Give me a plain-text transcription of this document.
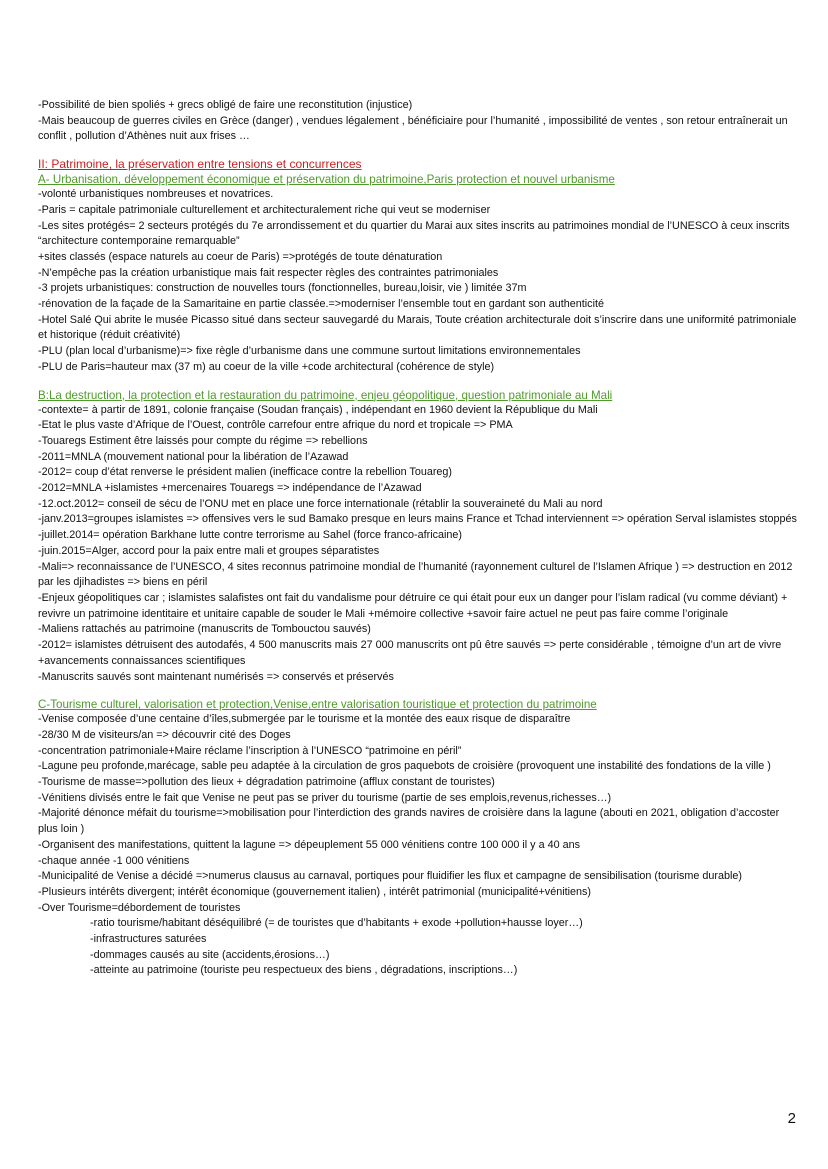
-Possibilité de bien spoliés + grecs obligé de faire une reconstitution (injustice)

-Mais beaucoup de guerres civiles en Grèce (danger) , vendues légalement , bénéficiaire pour l’humanité , impossibilité de ventes , son retour entraînerait un conflit , pollution d’Athènes nuit aux frises …

II: Patrimoine, la préservation entre tensions et concurrences

A- Urbanisation, développement économique et préservation du patrimoine,Paris protection et nouvel urbanisme

-volonté urbanistiques nombreuses et novatrices.

-Paris = capitale patrimoniale culturellement et architecturalement riche qui veut se moderniser

-Les sites protégés= 2 secteurs protégés du 7e arrondissement et du quartier du Marai aux sites inscrits au patrimoines mondial de l’UNESCO à ceux inscrits “architecture contemporaine remarquable”

+sites classés (espace naturels au coeur de Paris) =>protégés de toute dénaturation

-N’empêche pas la création urbanistique mais fait respecter règles des contraintes patrimoniales

-3 projets urbanistiques: construction de nouvelles tours (fonctionnelles, bureau,loisir, vie ) limitée 37m

-rénovation de la façade de la Samaritaine en partie classée.=>moderniser l’ensemble tout en gardant son authenticité

-Hotel Salé Qui abrite le musée Picasso situé dans secteur sauvegardé du Marais, Toute création architecturale doit s’inscrire dans une uniformité patrimoniale et historique (réduit créativité)

-PLU (plan local d’urbanisme)=> fixe règle d’urbanisme dans une commune surtout limitations environnementales

-PLU de Paris=hauteur max (37 m) au coeur de la ville +code architectural (cohérence de style)

B:La destruction, la protection et la restauration du patrimoine, enjeu géopolitique, question patrimoniale au Mali

-contexte= à partir de 1891, colonie française (Soudan français) , indépendant en 1960 devient la République du Mali

-Etat le plus vaste d’Afrique de l’Ouest, contrôle carrefour entre afrique du nord et tropicale => PMA

-Touaregs Estiment être laissés pour compte du régime => rebellions

-2011=MNLA (mouvement national pour la libération de l’Azawad

-2012= coup d’état renverse le président malien (inefficace contre la rebellion Touareg)

-2012=MNLA +islamistes +mercenaires Touaregs => indépendance de l’Azawad

-12.oct.2012= conseil de sécu de l’ONU met en place une force internationale (rétablir la souveraineté du Mali au nord

-janv.2013=groupes islamistes => offensives vers le sud Bamako presque en leurs mains France et Tchad interviennent => opération Serval islamistes stoppés

-juillet.2014= opération Barkhane lutte contre terrorisme au Sahel (force franco-africaine)

-juin.2015=Alger, accord pour la paix entre mali et groupes séparatistes

-Mali=> reconnaissance de l’UNESCO, 4 sites reconnus patrimoine mondial de l’humanité (rayonnement culturel de l’Islamen Afrique ) => destruction en 2012 par les djihadistes => biens en péril

-Enjeux géopolitiques car ; islamistes salafistes ont fait du vandalisme pour détruire ce qui était pour eux un danger pour l’islam radical (vu comme déviant) + revivre un patrimoine identitaire et unitaire capable de souder le Mali +mémoire collective +savoir faire actuel ne peut pas faire comme l’originale

-Maliens rattachés au patrimoine (manuscrits de Tombouctou sauvés)

-2012= islamistes détruisent des autodafés, 4 500 manuscrits mais 27 000 manuscrits ont pû être sauvés => perte considérable , témoigne d’un art de vivre +avancements connaissances scientifiques

-Manuscrits sauvés sont maintenant numérisés => conservés et préservés

C-Tourisme culturel, valorisation et protection,Venise,entre valorisation touristique et protection du patrimoine

-Venise composée d’une centaine d’îles,submergée par le tourisme et la montée des eaux risque de disparaître

-28/30 M de visiteurs/an => découvrir cité des Doges

-concentration patrimoniale+Maire réclame l’inscription à l’UNESCO “patrimoine en péril”

-Lagune peu profonde,marécage, sable peu adaptée à la circulation de gros paquebots de croisière (provoquent une instabilité des fondations de la ville )

-Tourisme de masse=>pollution des lieux + dégradation patrimoine (afflux constant de touristes)

-Vénitiens divisés entre le fait que Venise ne peut pas se priver du tourisme (partie de ses emplois,revenus,richesses…)

-Majorité dénonce méfait du tourisme=>mobilisation pour l’interdiction des grands navires de croisière dans la lagune (abouti en 2021, obligation d’accoster plus loin )

-Organisent des manifestations, quittent la lagune => dépeuplement 55 000 vénitiens contre 100 000 il y a 40 ans

-chaque année -1 000 vénitiens

-Municipalité de Venise a décidé =>numerus clausus au carnaval, portiques pour fluidifier les flux et campagne de sensibilisation (tourisme durable)

-Plusieurs intérêts divergent; intérêt économique (gouvernement italien) , intérêt patrimonial (municipalité+vénitiens)

-Over Tourisme=débordement de touristes

-ratio tourisme/habitant déséquilibré (= de touristes que d’habitants + exode +pollution+hausse loyer…)

-infrastructures saturées

-dommages causés au site (accidents,érosions…)

-atteinte au patrimoine (touriste peu respectueux des biens , dégradations, inscriptions…)

2
